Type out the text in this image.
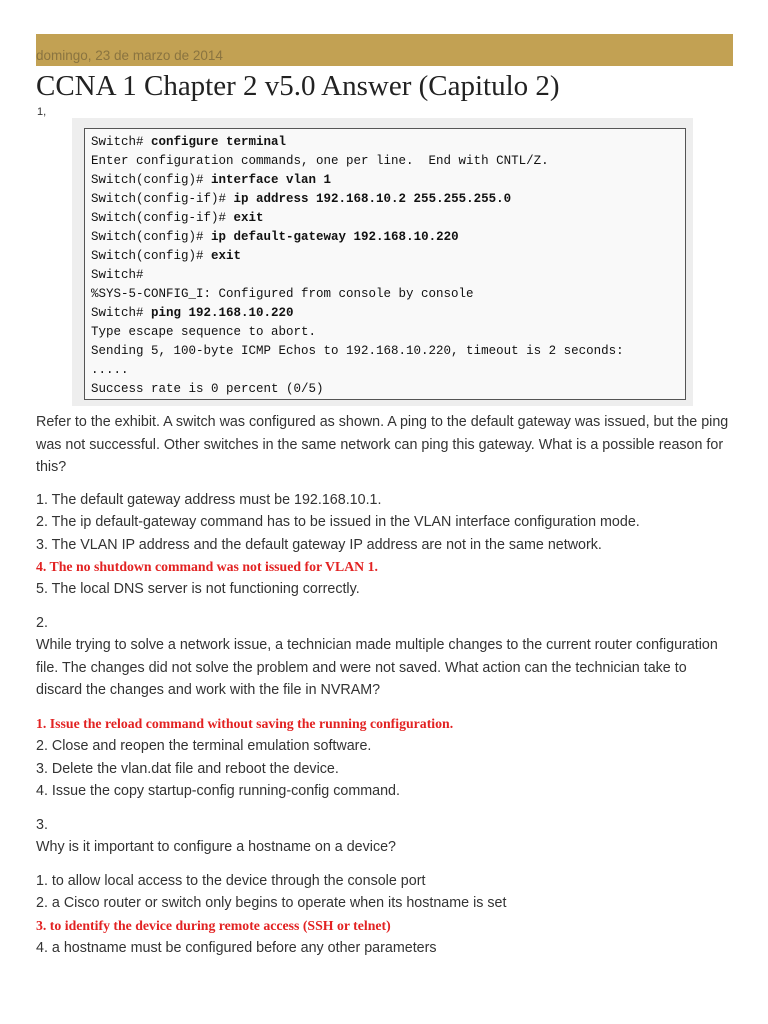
domingo, 23 de marzo de 2014
CCNA 1 Chapter 2 v5.0 Answer (Capitulo 2)
1,
Switch# configure terminal
Enter configuration commands, one per line.  End with CNTL/Z.
Switch(config)# interface vlan 1
Switch(config-if)# ip address 192.168.10.2 255.255.255.0
Switch(config-if)# exit
Switch(config)# ip default-gateway 192.168.10.220
Switch(config)# exit
Switch#
%SYS-5-CONFIG_I: Configured from console by console
Switch# ping 192.168.10.220
Type escape sequence to abort.
Sending 5, 100-byte ICMP Echos to 192.168.10.220, timeout is 2 seconds:
.....
Success rate is 0 percent (0/5)

Refer to the exhibit. A switch was configured as shown. A ping to the default gateway was issued, but the ping was not successful. Other switches in the same network can ping this gateway. What is a possible reason for this?

1. The default gateway address must be 192.168.10.1.
2. The ip default-gateway command has to be issued in the VLAN interface configuration mode.
3. The VLAN IP address and the default gateway IP address are not in the same network.
4. The no shutdown command was not issued for VLAN 1.
5. The local DNS server is not functioning correctly.
2.

While trying to solve a network issue, a technician made multiple changes to the current router configuration file. The changes did not solve the problem and were not saved. What action can the technician take to discard the changes and work with the file in NVRAM?

1. Issue the reload command without saving the running configuration.
2. Close and reopen the terminal emulation software.
3. Delete the vlan.dat file and reboot the device.
4. Issue the copy startup-config running-config command.
3.
Why is it important to configure a hostname on a device?
1. to allow local access to the device through the console port
2. a Cisco router or switch only begins to operate when its hostname is set
3. to identify the device during remote access (SSH or telnet)
4. a hostname must be configured before any other parameters
